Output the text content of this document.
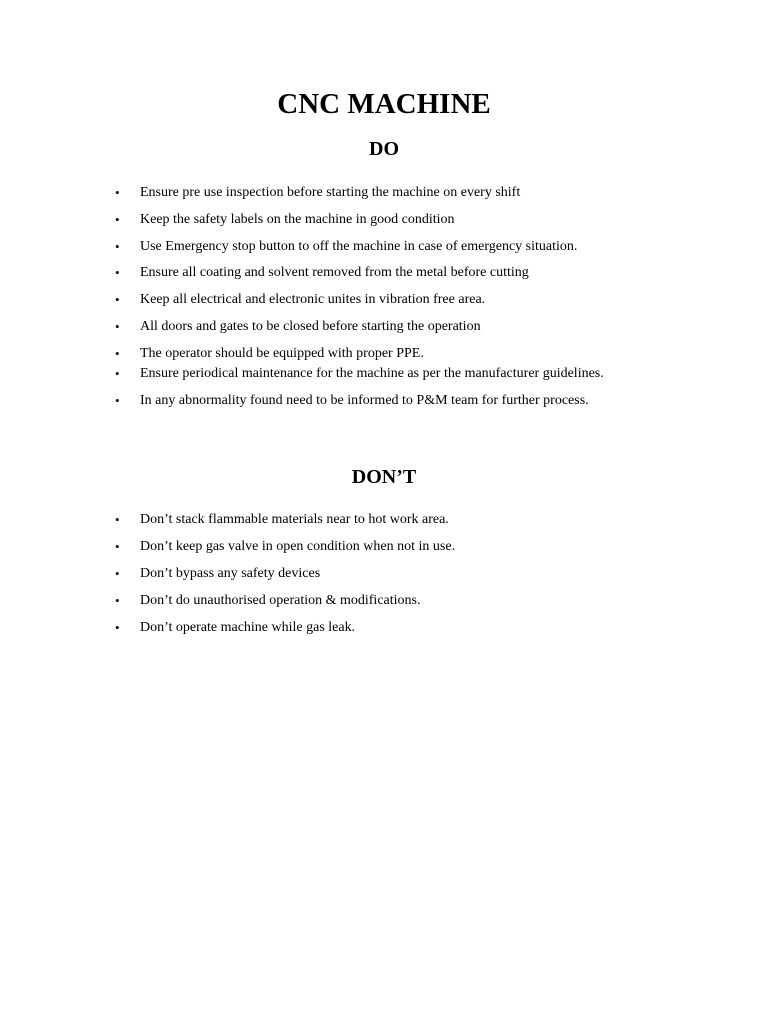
CNC MACHINE
DO
• Ensure pre use inspection before starting the machine on every shift
• Keep the safety labels on the machine in good condition
• Use Emergency stop button to off the machine in case of emergency situation.
• Ensure all coating and solvent removed from the metal before cutting
• Keep all electrical and electronic unites in vibration free area.
• All doors and gates to be closed before starting the operation
• The operator should be equipped with proper PPE.
• Ensure periodical maintenance for the machine as per the manufacturer guidelines.
• In any abnormality found need to be informed to P&M team for further process.
DON’T
• Don’t stack flammable materials near to hot work area.
• Don’t keep gas valve in open condition when not in use.
• Don’t bypass any safety devices
• Don’t do unauthorised operation & modifications.
• Don’t operate machine while gas leak.
